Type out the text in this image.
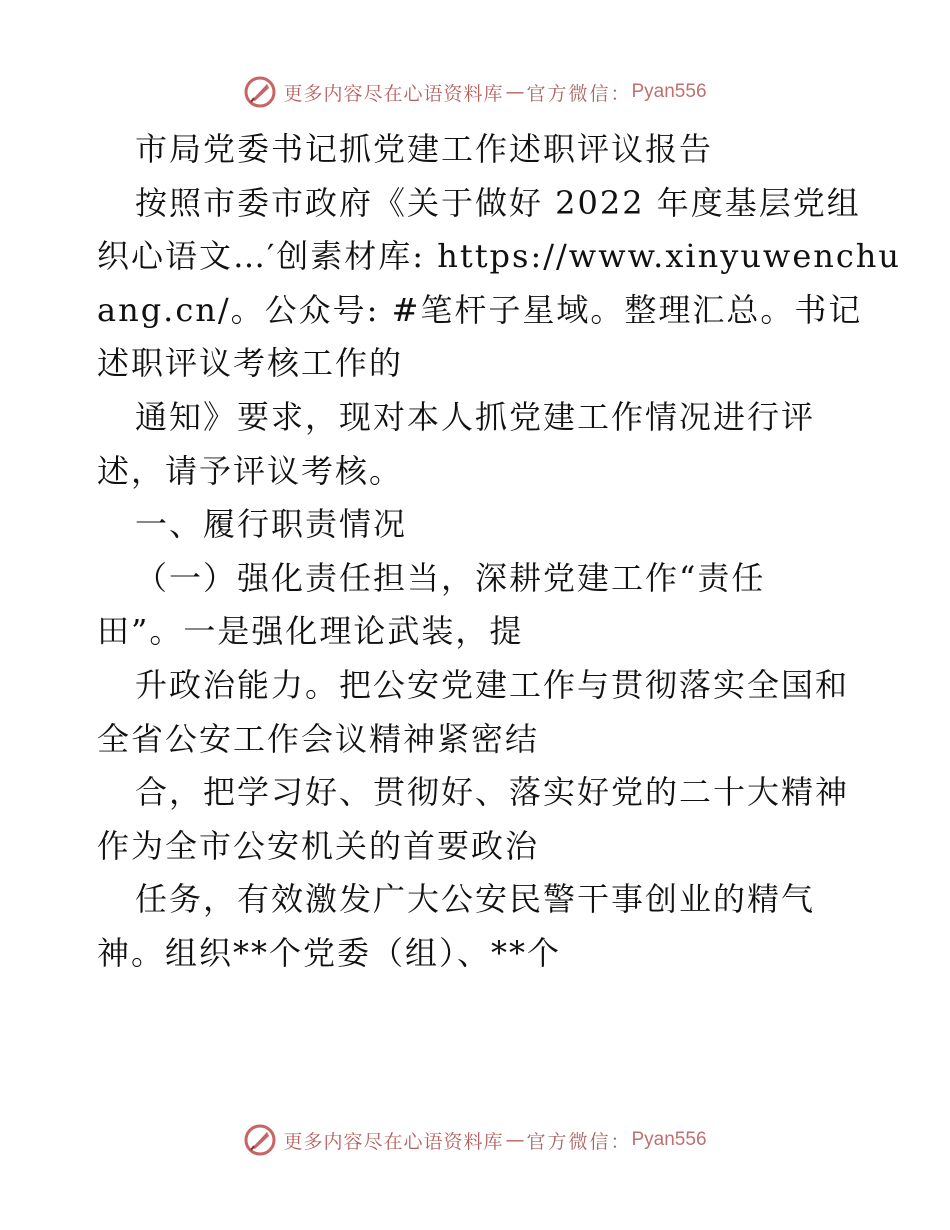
更多内容尽在心语资料库 — 官方微信： Pyan556
市局党委书记抓党建工作述职评议报告
按照市委市政府《关于做好 2022 年度基层党组
织心语文…′创素材库: https://www.xinyuwenchu
ang.cn/。公众号: #笔杆子星域。整理汇总。书记
述职评议考核工作的
通知》要求，现对本人抓党建工作情况进行评
述，请予评议考核。
一、履行职责情况
（一）强化责任担当，深耕党建工作“责任
田”。一是强化理论武装，提
升政治能力。把公安党建工作与贯彻落实全国和
全省公安工作会议精神紧密结
合，把学习好、贯彻好、落实好党的二十大精神
作为全市公安机关的首要政治
任务，有效激发广大公安民警干事创业的精气
神。组织**个党委（组）、**个
更多内容尽在心语资料库 — 官方微信： Pyan556
